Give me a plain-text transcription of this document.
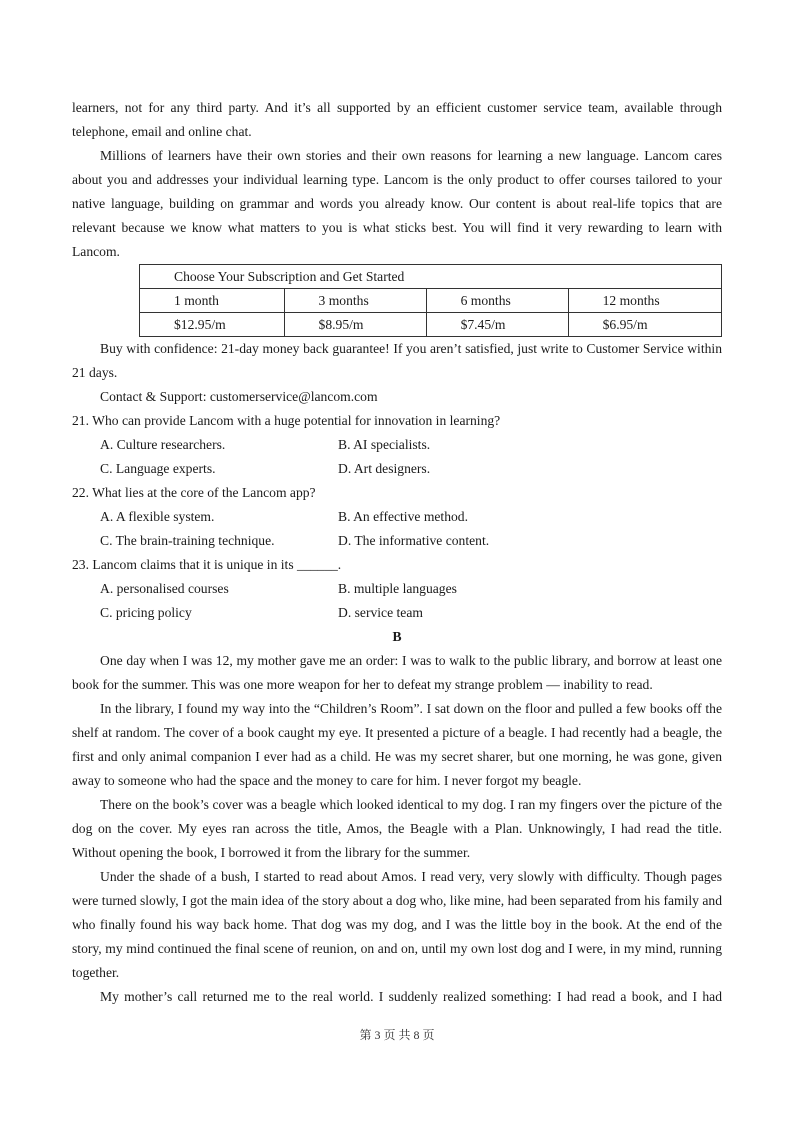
learners, not for any third party. And it’s all supported by an efficient customer service team, available through telephone, email and online chat.

Millions of learners have their own stories and their own reasons for learning a new language. Lancom cares about you and addresses your individual learning type. Lancom is the only product to offer courses tailored to your native language, building on grammar and words you already know. Our content is about real-life topics that are relevant because we know what matters to you is what sticks best. You will find it very rewarding to learn with Lancom.

Choose Your Subscription and Get Started			
1 month	3 months	6 months	12 months
$12.95/m	$8.95/m	$7.45/m	$6.95/m

Buy with confidence: 21-day money back guarantee! If you aren’t satisfied, just write to Customer Service within 21 days.

Contact & Support: customerservice@lancom.com

21. Who can provide Lancom with a huge potential for innovation in learning?
A. Culture researchers.	B. AI specialists.
C. Language experts.	D. Art designers.
22. What lies at the core of the Lancom app?
A. A flexible system.	B. An effective method.
C. The brain-training technique.	D. The informative content.
23. Lancom claims that it is unique in its ______.
A. personalised courses	B. multiple languages
C. pricing policy	D. service team
B

One day when I was 12, my mother gave me an order: I was to walk to the public library, and borrow at least one book for the summer. This was one more weapon for her to defeat my strange problem — inability to read.

In the library, I found my way into the “Children’s Room”. I sat down on the floor and pulled a few books off the shelf at random. The cover of a book caught my eye. It presented a picture of a beagle. I had recently had a beagle, the first and only animal companion I ever had as a child. He was my secret sharer, but one morning, he was gone, given away to someone who had the space and the money to care for him. I never forgot my beagle.

There on the book’s cover was a beagle which looked identical to my dog. I ran my fingers over the picture of the dog on the cover. My eyes ran across the title, Amos, the Beagle with a Plan. Unknowingly, I had read the title. Without opening the book, I borrowed it from the library for the summer.

Under the shade of a bush, I started to read about Amos. I read very, very slowly with difficulty. Though pages were turned slowly, I got the main idea of the story about a dog who, like mine, had been separated from his family and who finally found his way back home. That dog was my dog, and I was the little boy in the book. At the end of the story, my mind continued the final scene of reunion, on and on, until my own lost dog and I were, in my mind, running together.

My mother’s call returned me to the real world. I suddenly realized something: I had read a book, and I had

第 3 页 共 8 页
